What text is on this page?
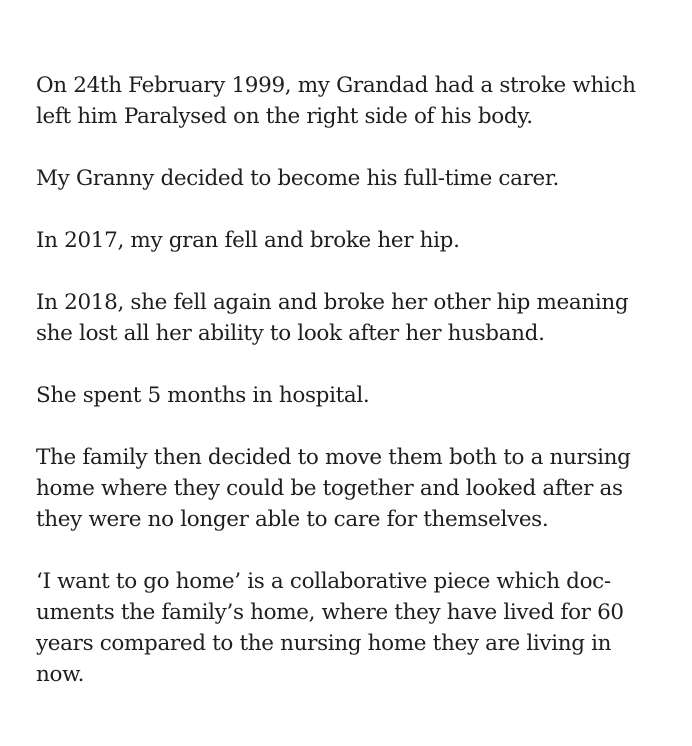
On 24th February 1999, my Grandad had a stroke which
left him Paralysed on the right side of his body.

My Granny decided to become his full-time carer.

In 2017, my gran fell and broke her hip.

In 2018, she fell again and broke her other hip meaning
she lost all her ability to look after her husband.

She spent 5 months in hospital.

The family then decided to move them both to a nursing
home where they could be together and looked after as
they were no longer able to care for themselves.

‘I want to go home’ is a collaborative piece which doc-
uments the family’s home, where they have lived for 60
years compared to the nursing home they are living in
now.
